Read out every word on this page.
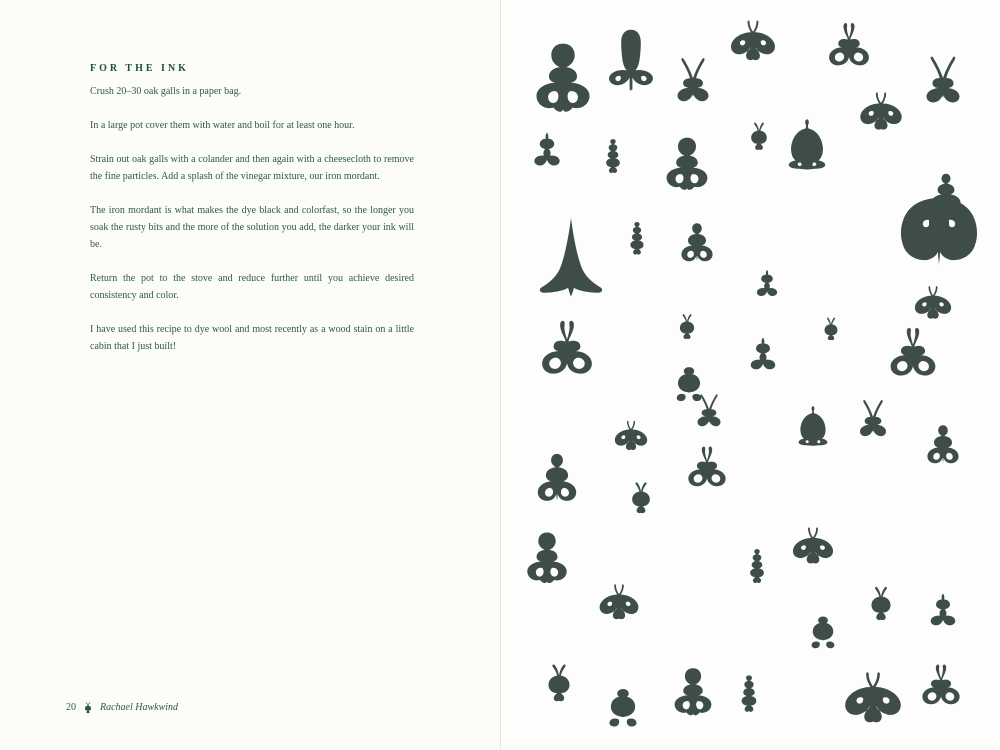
FOR THE INK

Crush 20–30 oak galls in a paper bag.

In a large pot cover them with water and boil for at least one hour.

Strain out oak galls with a colander and then again with a cheesecloth to remove the fine particles. Add a splash of the vinegar mixture, our iron mordant.

The iron mordant is what makes the dye black and colorfast, so the longer you soak the rusty bits and the more of the solution you add, the darker your ink will be.

Return the pot to the stove and reduce further until you achieve desired consistency and color.

I have used this recipe to dye wool and most recently as a wood stain on a little cabin that I just built!

20 Rachael Hawkwind
